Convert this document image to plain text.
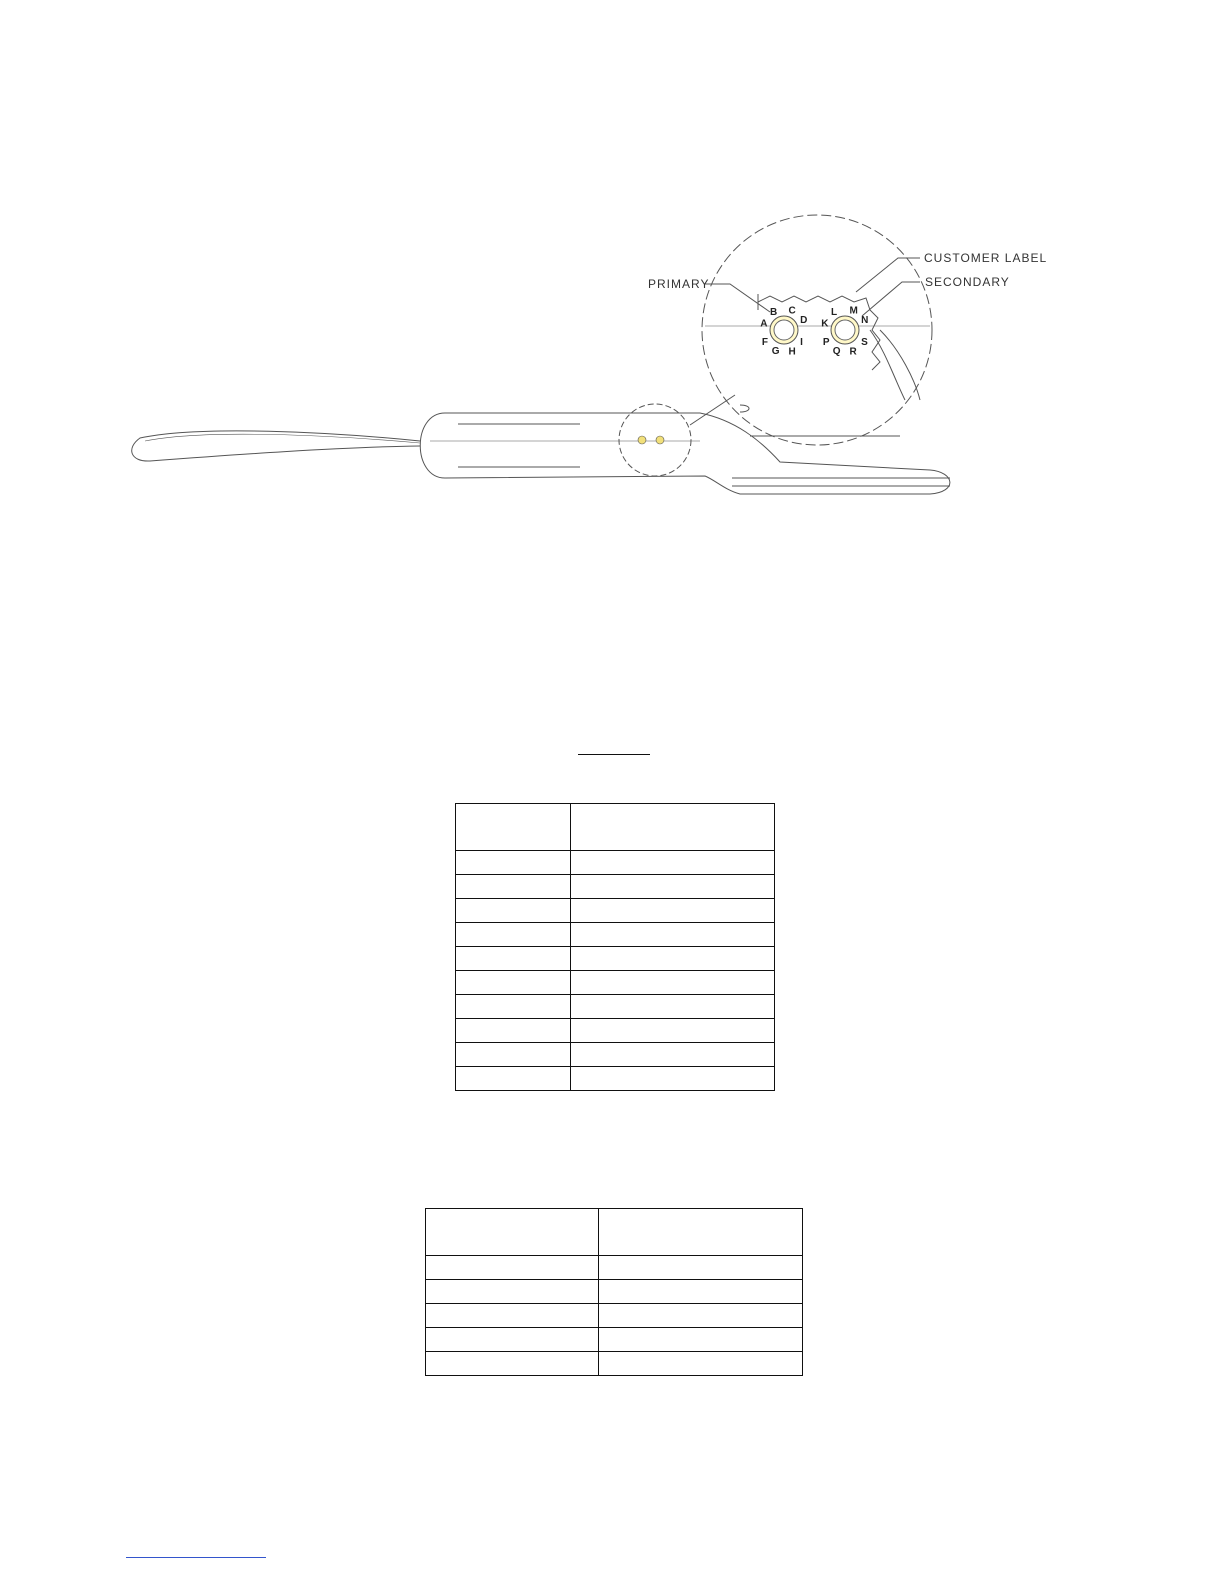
A
B C
D
F
G H
I
K
L M
N
P
Q R
S
PRIMARY
CUSTOMER LABEL
SECONDARY
